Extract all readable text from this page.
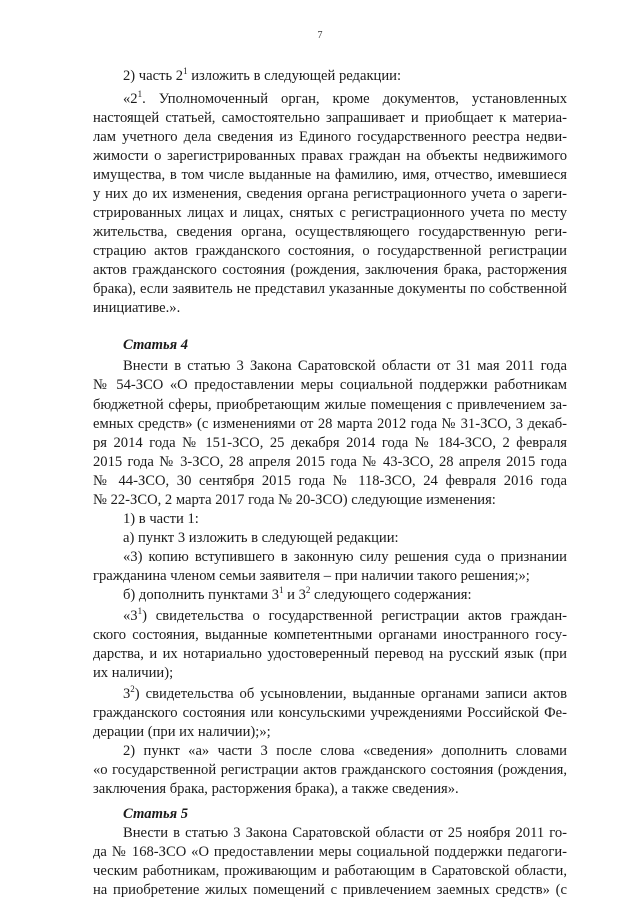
7
2) часть $2^1$ изложить в следующей редакции:
«$2^1$. Уполномоченный орган, кроме документов, установленных
настоящей статьей, самостоятельно запрашивает и приобщает к материа-
лам учетного дела сведения из Единого государственного реестра недви-
жимости о зарегистрированных правах граждан на объекты недвижимого
имущества, в том числе выданные на фамилию, имя, отчество, имевшиеся
у них до их изменения, сведения органа регистрационного учета о зареги-
стрированных лицах и лицах, снятых с регистрационного учета по месту
жительства, сведения органа, осуществляющего государственную реги-
страцию актов гражданского состояния, о государственной регистрации
актов гражданского состояния (рождения, заключения брака, расторжения
брака), если заявитель не представил указанные документы по собственной
инициативе.».
Статья 4
Внести в статью 3 Закона Саратовской области от 31 мая 2011 года
№ 54-ЗСО «О предоставлении меры социальной поддержки работникам
бюджетной сферы, приобретающим жилые помещения с привлечением за-
емных средств» (с изменениями от 28 марта 2012 года № 31-ЗСО, 3 декаб-
ря 2014 года № 151-ЗСО, 25 декабря 2014 года № 184-ЗСО, 2 февраля
2015 года № 3-ЗСО, 28 апреля 2015 года № 43-ЗСО, 28 апреля 2015 года
№ 44-ЗСО, 30 сентября 2015 года № 118-ЗСО, 24 февраля 2016 года
№ 22-ЗСО, 2 марта 2017 года № 20-ЗСО) следующие изменения:
1) в части 1:
а) пункт 3 изложить в следующей редакции:
«3) копию вступившего в законную силу решения суда о признании
гражданина членом семьи заявителя – при наличии такого решения;»;
б) дополнить пунктами $3^1$ и $3^2$ следующего содержания:
«$3^1$) свидетельства о государственной регистрации актов граждан-
ского состояния, выданные компетентными органами иностранного госу-
дарства, и их нотариально удостоверенный перевод на русский язык (при
их наличии);
$3^2$) свидетельства об усыновлении, выданные органами записи актов
гражданского состояния или консульскими учреждениями Российской Фе-
дерации (при их наличии);»;
2) пункт «а» части 3 после слова «сведения» дополнить словами
«о государственной регистрации актов гражданского состояния (рождения,
заключения брака, расторжения брака), а также сведения».
Статья 5
Внести в статью 3 Закона Саратовской области от 25 ноября 2011 го-
да № 168-ЗСО «О предоставлении меры социальной поддержки педагоги-
ческим работникам, проживающим и работающим в Саратовской области,
на приобретение жилых помещений с привлечением заемных средств» (с
